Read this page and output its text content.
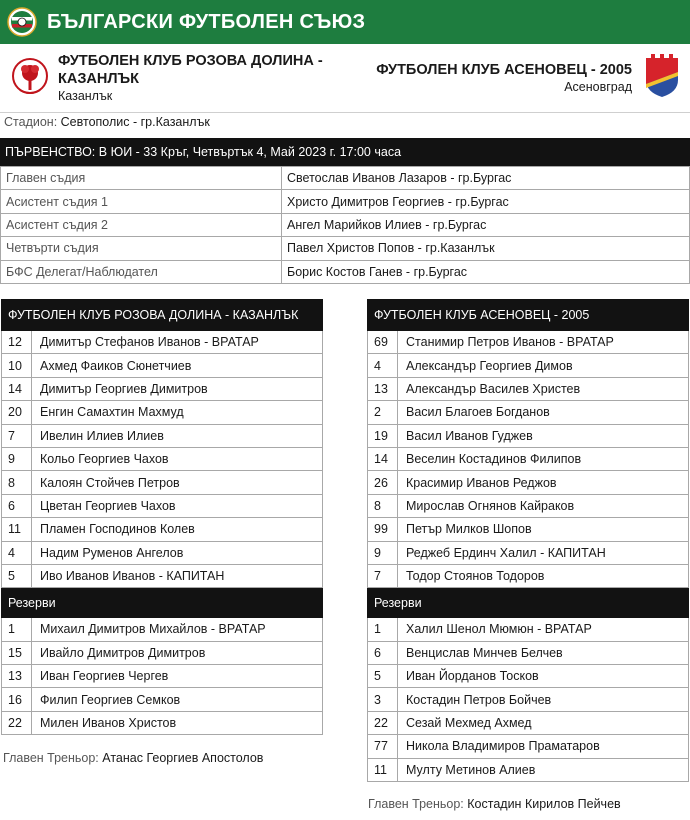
БЪЛГАРСКИ ФУТБОЛЕН СЪЮЗ
ФУТБОЛЕН КЛУБ РОЗОВА ДОЛИНА - КАЗАНЛЪК
Казанлък
ФУТБОЛЕН КЛУБ АСЕНОВЕЦ - 2005
Асеновград
Стадион: Севтополис - гр.Казанлък
ПЪРВЕНСТВО: В ЮИ - 33 Кръг, Четвъртък 4, Май 2023 г. 17:00 часа
Главен съдия	Светослав Иванов Лазаров - гр.Бургас
Асистент съдия 1	Христо Димитров Георгиев - гр.Бургас
Асистент съдия 2	Ангел Марийков Илиев - гр.Бургас
Четвърти съдия	Павел Христов Попов - гр.Казанлък
БФС Делегат/Наблюдател	Борис Костов Ганев - гр.Бургас
ФУТБОЛЕН КЛУБ РОЗОВА ДОЛИНА - КАЗАНЛЪК	
12	Димитър Стефанов Иванов - ВРАТАР
10	Ахмед Фаиков Сюнетчиев
14	Димитър Георгиев Димитров
20	Енгин Самахтин Махмуд
7	Ивелин Илиев Илиев
9	Кольо Георгиев Чахов
8	Калоян Стойчев Петров
6	Цветан Георгиев Чахов
11	Пламен Господинов Колев
4	Надим Руменов Ангелов
5	Иво Иванов Иванов - КАПИТАН
Резерви	
1	Михаил Димитров Михайлов - ВРАТАР
15	Ивайло Димитров Димитров
13	Иван Георгиев Чергев
16	Филип Георгиев Семков
22	Милен Иванов Христов
ФУТБОЛЕН КЛУБ АСЕНОВЕЦ - 2005	
69	Станимир Петров Иванов - ВРАТАР
4	Александър Георгиев Димов
13	Александър Василев Христев
2	Васил Благоев Богданов
19	Васил Иванов Гуджев
14	Веселин Костадинов Филипов
26	Красимир Иванов Реджов
8	Мирослав Огнянов Кайраков
99	Петър Милков Шопов
9	Реджеб Ердинч Халил - КАПИТАН
7	Тодор Стоянов Тодоров
Резерви	
1	Халил Шенол Мюмюн - ВРАТАР
6	Венцислав Минчев Белчев
5	Иван Йорданов Тосков
3	Костадин Петров Бойчев
22	Сезай Мехмед Ахмед
77	Никола Владимиров Праматаров
11	Мулту Метинов Алиев
Главен Треньор: Атанас Георгиев Апостолов
Главен Треньор: Костадин Кирилов Пейчев
